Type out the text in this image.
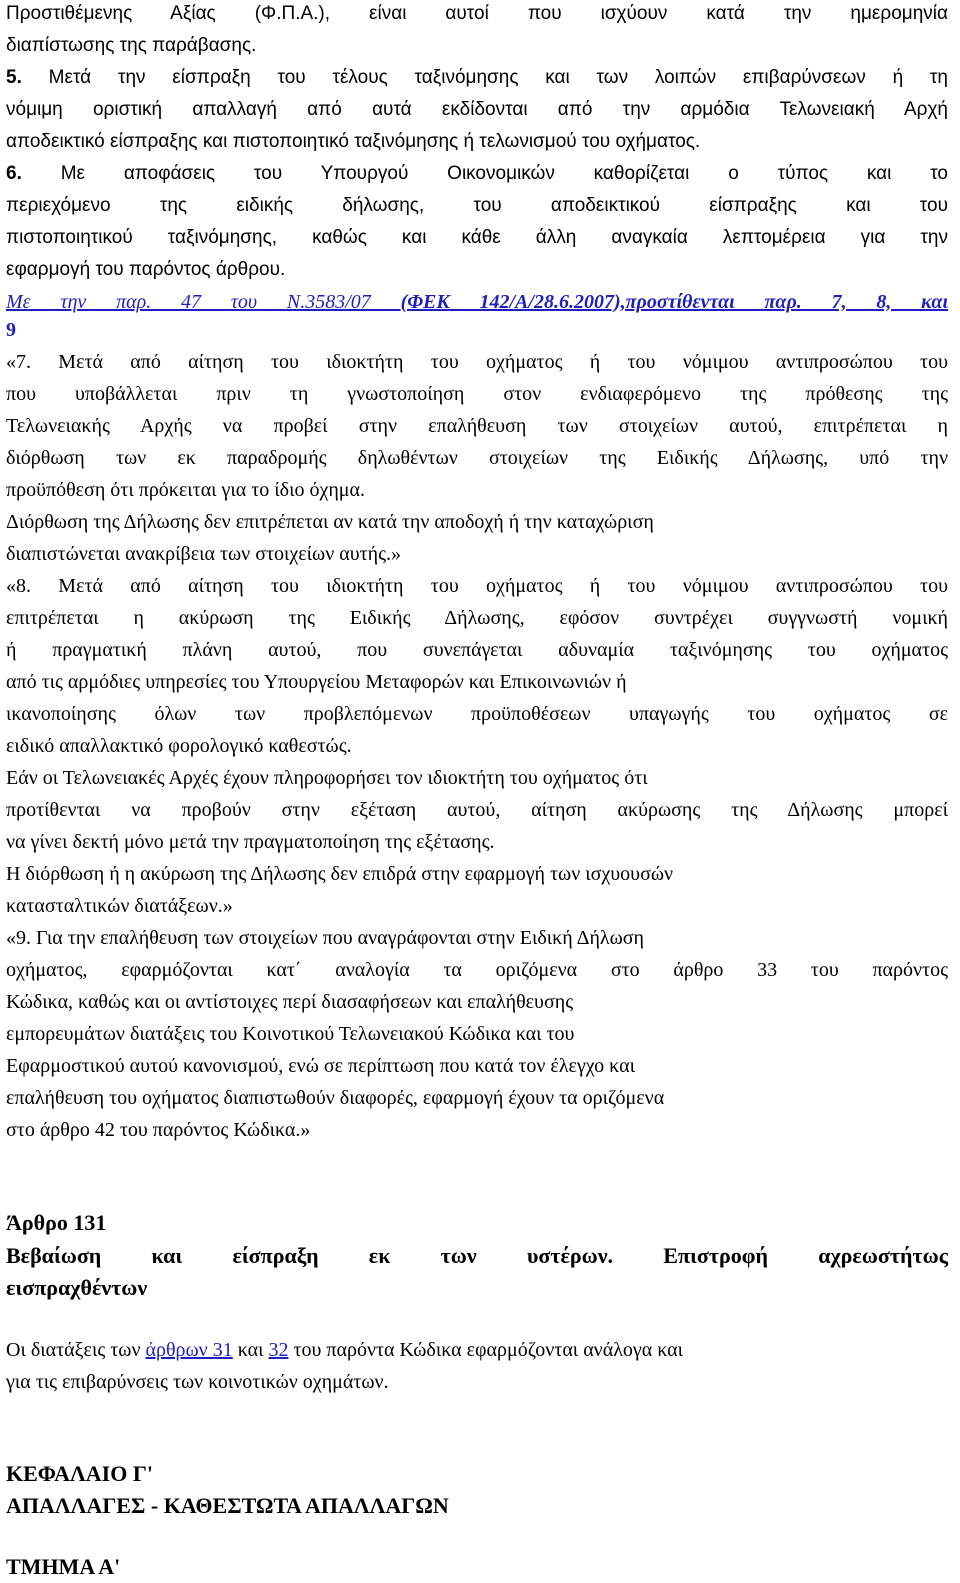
Προστιθέμενης Αξίας (Φ.Π.Α.), είναι αυτοί που ισχύουν κατά την ημερομηνία

διαπίστωσης της παράβασης.

5. Μετά την είσπραξη του τέλους ταξινόμησης και των λοιπών επιβαρύνσεων ή τη

νόμιμη οριστική απαλλαγή από αυτά εκδίδονται από την αρμόδια Τελωνειακή Αρχή

αποδεικτικό είσπραξης και πιστοποιητικό ταξινόμησης ή τελωνισμού του οχήματος.

6. Με αποφάσεις του Υπουργού Οικονομικών καθορίζεται ο τύπος και το

περιεχόμενο της ειδικής δήλωσης, του αποδεικτικού είσπραξης και του

πιστοποιητικού ταξινόμησης, καθώς και κάθε άλλη αναγκαία λεπτομέρεια για την

εφαρμογή του παρόντος άρθρου.

Με την παρ. 47 του Ν.3583/07 (ΦΕΚ 142/Α/28.6.2007),προστίθενται παρ. 7, 8, και

9

«7. Μετά από αίτηση του ιδιοκτήτη του οχήματος ή του νόμιμου αντιπροσώπου του

που υποβάλλεται πριν τη γνωστοποίηση στον ενδιαφερόμενο της πρόθεσης της

Τελωνειακής Αρχής να προβεί στην επαλήθευση των στοιχείων αυτού, επιτρέπεται η

διόρθωση των εκ παραδρομής δηλωθέντων στοιχείων της Ειδικής Δήλωσης, υπό την

προϋπόθεση ότι πρόκειται για το ίδιο όχημα.

Διόρθωση της Δήλωσης δεν επιτρέπεται αν κατά την αποδοχή ή την καταχώριση

διαπιστώνεται ανακρίβεια των στοιχείων αυτής.»

«8. Μετά από αίτηση του ιδιοκτήτη του οχήματος ή του νόμιμου αντιπροσώπου του

επιτρέπεται η ακύρωση της Ειδικής Δήλωσης, εφόσον συντρέχει συγγνωστή νομική

ή πραγματική πλάνη αυτού, που συνεπάγεται αδυναμία ταξινόμησης του οχήματος

από τις αρμόδιες υπηρεσίες του Υπουργείου Μεταφορών και Επικοινωνιών ή

ικανοποίησης όλων των προβλεπόμενων προϋποθέσεων υπαγωγής του οχήματος σε

ειδικό απαλλακτικό φορολογικό καθεστώς.

Εάν οι Τελωνειακές Αρχές έχουν πληροφορήσει τον ιδιοκτήτη του οχήματος ότι

προτίθενται να προβούν στην εξέταση αυτού, αίτηση ακύρωσης της Δήλωσης μπορεί

να γίνει δεκτή μόνο μετά την πραγματοποίηση της εξέτασης.

Η διόρθωση ή η ακύρωση της Δήλωσης δεν επιδρά στην εφαρμογή των ισχυουσών

κατασταλτικών διατάξεων.»

«9. Για την επαλήθευση των στοιχείων που αναγράφονται στην Ειδική Δήλωση

οχήματος, εφαρμόζονται κατ΄ αναλογία τα οριζόμενα στο άρθρο 33 του παρόντος

Κώδικα, καθώς και οι αντίστοιχες περί διασαφήσεων και επαλήθευσης

εμπορευμάτων διατάξεις του Κοινοτικού Τελωνειακού Κώδικα και του

Εφαρμοστικού αυτού κανονισμού, ενώ σε περίπτωση που κατά τον έλεγχο και

επαλήθευση του οχήματος διαπιστωθούν διαφορές, εφαρμογή έχουν τα οριζόμενα

στο άρθρο 42 του παρόντος Κώδικα.»

Άρθρο 131

Βεβαίωση και είσπραξη εκ των υστέρων. Επιστροφή αχρεωστήτως

εισπραχθέντων

Οι διατάξεις των άρθρων 31 και 32 του παρόντα Κώδικα εφαρμόζονται ανάλογα και

για τις επιβαρύνσεις των κοινοτικών οχημάτων.

ΚΕΦΑΛΑΙΟ Γ'

ΑΠΑΛΛΑΓΕΣ - ΚΑΘΕΣΤΩΤΑ ΑΠΑΛΛΑΓΩΝ

ΤΜΗΜΑ Α'
